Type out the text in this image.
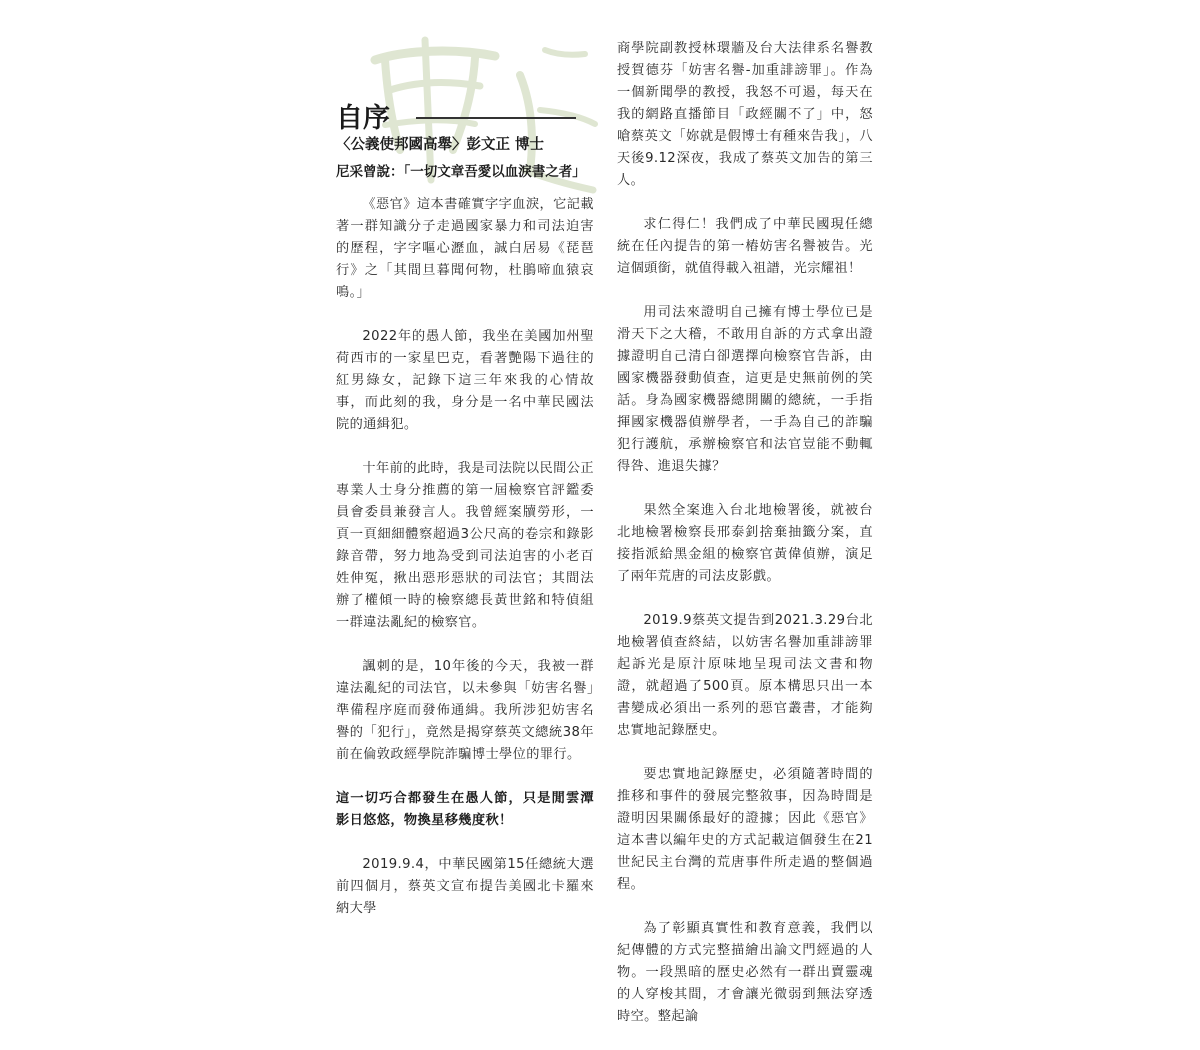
自序
〈公義使邦國高舉〉彭文正 博士
尼采曾說：「一切文章吾愛以血淚書之者」

《惡官》這本書確實字字血淚，它記載著一群知識分子走過國家暴力和司法迫害的歷程，字字嘔心瀝血，誠白居易《琵琶行》之「其間旦暮聞何物，杜鵑啼血猿哀鳴。」

2022年的愚人節，我坐在美國加州聖荷西市的一家星巴克，看著艷陽下過往的紅男綠女，記錄下這三年來我的心情故事，而此刻的我，身分是一名中華民國法院的通緝犯。

十年前的此時，我是司法院以民間公正專業人士身分推薦的第一屆檢察官評鑑委員會委員兼發言人。我曾經案牘勞形，一頁一頁細細體察超過3公尺高的卷宗和錄影錄音帶，努力地為受到司法迫害的小老百姓伸冤，揪出惡形惡狀的司法官；其間法辦了權傾一時的檢察總長黃世銘和特偵組一群違法亂紀的檢察官。

諷刺的是，10年後的今天，我被一群違法亂紀的司法官，以未參與「妨害名譽」準備程序庭而發佈通緝。我所涉犯妨害名譽的「犯行」，竟然是揭穿蔡英文總統38年前在倫敦政經學院詐騙博士學位的罪行。

這一切巧合都發生在愚人節，只是閒雲潭影日悠悠，物換星移幾度秋！

2019.9.4，中華民國第15任總統大選前四個月，蔡英文宣布提告美國北卡羅來納大學

商學院副教授林環牆及台大法律系名譽教授賀德芬「妨害名譽-加重誹謗罪」。作為一個新聞學的教授，我怒不可遏，每天在我的網路直播節目「政經關不了」中，怒嗆蔡英文「妳就是假博士有種來告我」，八天後9.12深夜，我成了蔡英文加告的第三人。

求仁得仁！我們成了中華民國現任總統在任內提告的第一樁妨害名譽被告。光這個頭銜，就值得載入祖譜，光宗耀祖！

用司法來證明自己擁有博士學位已是滑天下之大稽，不敢用自訴的方式拿出證據證明自己清白卻選擇向檢察官告訴，由國家機器發動偵查，這更是史無前例的笑話。身為國家機器總開關的總統，一手指揮國家機器偵辦學者，一手為自己的詐騙犯行護航，承辦檢察官和法官豈能不動輒得咎、進退失據？

果然全案進入台北地檢署後，就被台北地檢署檢察長邢泰釗捨棄抽籤分案，直接指派給黑金組的檢察官黃偉偵辦，演足了兩年荒唐的司法皮影戲。

2019.9蔡英文提告到2021.3.29台北地檢署偵查終結，以妨害名譽加重誹謗罪起訴光是原汁原味地呈現司法文書和物證，就超過了500頁。原本構思只出一本書變成必須出一系列的惡官叢書，才能夠忠實地記錄歷史。

要忠實地記錄歷史，必須隨著時間的推移和事件的發展完整敘事，因為時間是證明因果關係最好的證據；因此《惡官》這本書以編年史的方式記載這個發生在21世紀民主台灣的荒唐事件所走過的整個過程。

為了彰顯真實性和教育意義，我們以紀傳體的方式完整描繪出論文門經過的人物。一段黑暗的歷史必然有一群出賣靈魂的人穿梭其間，才會讓光微弱到無法穿透時空。整起論
